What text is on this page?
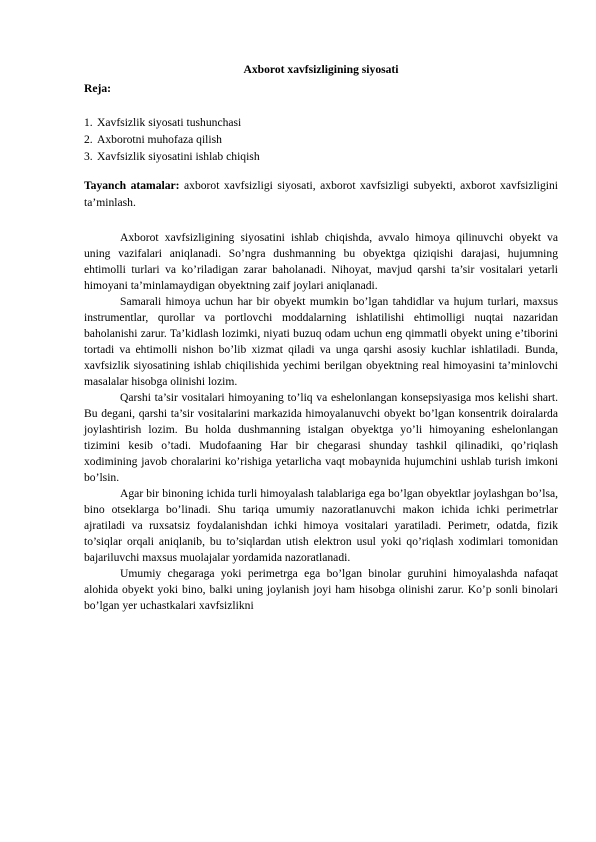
Axborot xavfsizligining siyosati
Reja:
1. Xavfsizlik siyosati tushunchasi
2. Axborotni muhofaza qilish
3. Xavfsizlik siyosatini ishlab chiqish

Tayanch atamalar: axborot xavfsizligi siyosati, axborot xavfsizligi subyekti, axborot xavfsizligini ta’minlash.

Axborot xavfsizligining siyosatini ishlab chiqishda, avvalo himoya qilinuvchi obyekt va uning vazifalari aniqlanadi. So’ngra dushmanning bu obyektga qiziqishi darajasi, hujumning ehtimolli turlari va ko’riladigan zarar baholanadi. Nihoyat, mavjud qarshi ta’sir vositalari yetarli himoyani ta’minlamaydigan obyektning zaif joylari aniqlanadi.

Samarali himoya uchun har bir obyekt mumkin bo’lgan tahdidlar va hujum turlari, maxsus instrumentlar, qurollar va portlovchi moddalarning ishlatilishi ehtimolligi nuqtai nazaridan baholanishi zarur. Ta’kidlash lozimki, niyati buzuq odam uchun eng qimmatli obyekt uning e’tiborini tortadi va ehtimolli nishon bo’lib xizmat qiladi va unga qarshi asosiy kuchlar ishlatiladi. Bunda, xavfsizlik siyosatining ishlab chiqilishida yechimi berilgan obyektning real himoyasini ta’minlovchi masalalar hisobga olinishi lozim.

Qarshi ta’sir vositalari himoyaning to’liq va eshelonlangan konsepsiyasiga mos kelishi shart. Bu degani, qarshi ta’sir vositalarini markazida himoyalanuvchi obyekt bo’lgan konsentrik doiralarda joylashtirish lozim. Bu holda dushmanning istalgan obyektga yo’li himoyaning eshelonlangan tizimini kesib o’tadi. Mudofaaning Har bir chegarasi shunday tashkil qilinadiki, qo’riqlash xodimining javob choralarini ko’rishiga yetarlicha vaqt mobaynida hujumchini ushlab turish imkoni bo’lsin.

Agar bir binoning ichida turli himoyalash talablariga ega bo’lgan obyektlar joylashgan bo’lsa, bino otseklarga bo’linadi. Shu tariqa umumiy nazoratlanuvchi makon ichida ichki perimetrlar ajratiladi va ruxsatsiz foydalanishdan ichki himoya vositalari yaratiladi. Perimetr, odatda, fizik to’siqlar orqali aniqlanib, bu to’siqlardan utish elektron usul yoki qo’riqlash xodimlari tomonidan bajariluvchi maxsus muolajalar yordamida nazoratlanadi.

Umumiy chegaraga yoki perimetrga ega bo’lgan binolar guruhini himoyalashda nafaqat alohida obyekt yoki bino, balki uning joylanish joyi ham hisobga olinishi zarur. Ko’p sonli binolari bo’lgan yer uchastkalari xavfsizlikni
